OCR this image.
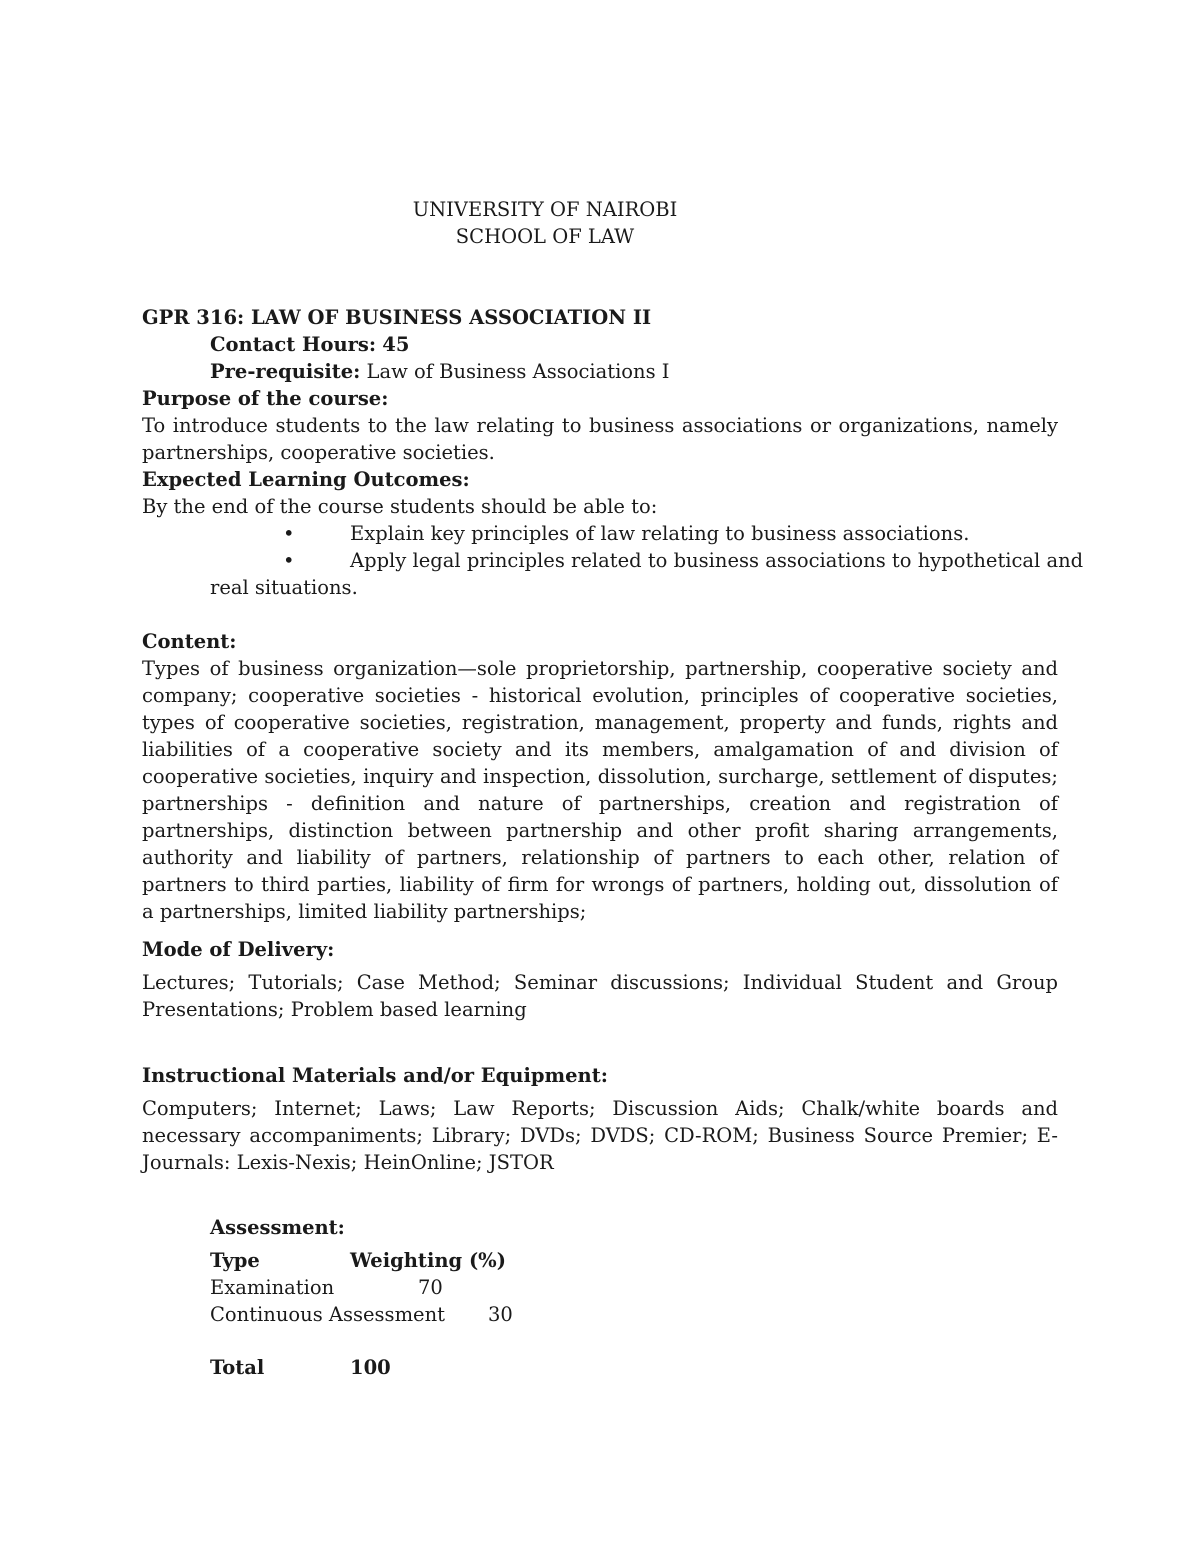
UNIVERSITY OF NAIROBI

SCHOOL OF LAW

GPR 316: LAW OF BUSINESS ASSOCIATION II

Contact Hours: 45

Pre-requisite: Law of Business Associations I

Purpose of the course:

To introduce students to the law relating to business associations or organizations, namely partnerships, cooperative societies.

Expected Learning Outcomes:

By the end of the course students should be able to:

•	Explain key principles of law relating to business associations.

•	Apply legal principles related to business associations to hypothetical and

real situations.

Content:

Types of business organization—sole proprietorship, partnership, cooperative society and company; cooperative societies - historical evolution, principles of cooperative societies, types of cooperative societies, registration, management, property and funds, rights and liabilities of a cooperative society and its members, amalgamation of and division of cooperative societies, inquiry and inspection, dissolution, surcharge, settlement of disputes; partnerships - definition and nature of partnerships, creation and registration of partnerships, distinction between partnership and other profit sharing arrangements, authority and liability of partners, relationship of partners to each other, relation of partners to third parties, liability of firm for wrongs of partners, holding out, dissolution of a partnerships, limited liability partnerships;

Mode of Delivery:

Lectures; Tutorials; Case Method; Seminar discussions; Individual Student and Group Presentations; Problem based learning

Instructional Materials and/or Equipment:

Computers; Internet; Laws; Law Reports; Discussion Aids; Chalk/white boards and necessary accompaniments; Library; DVDs; DVDS; CD-ROM; Business Source Premier; E-Journals: Lexis-Nexis; HeinOnline; JSTOR

Assessment:

Type	Weighting (%)

Examination	70

Continuous Assessment 30

Total	100
